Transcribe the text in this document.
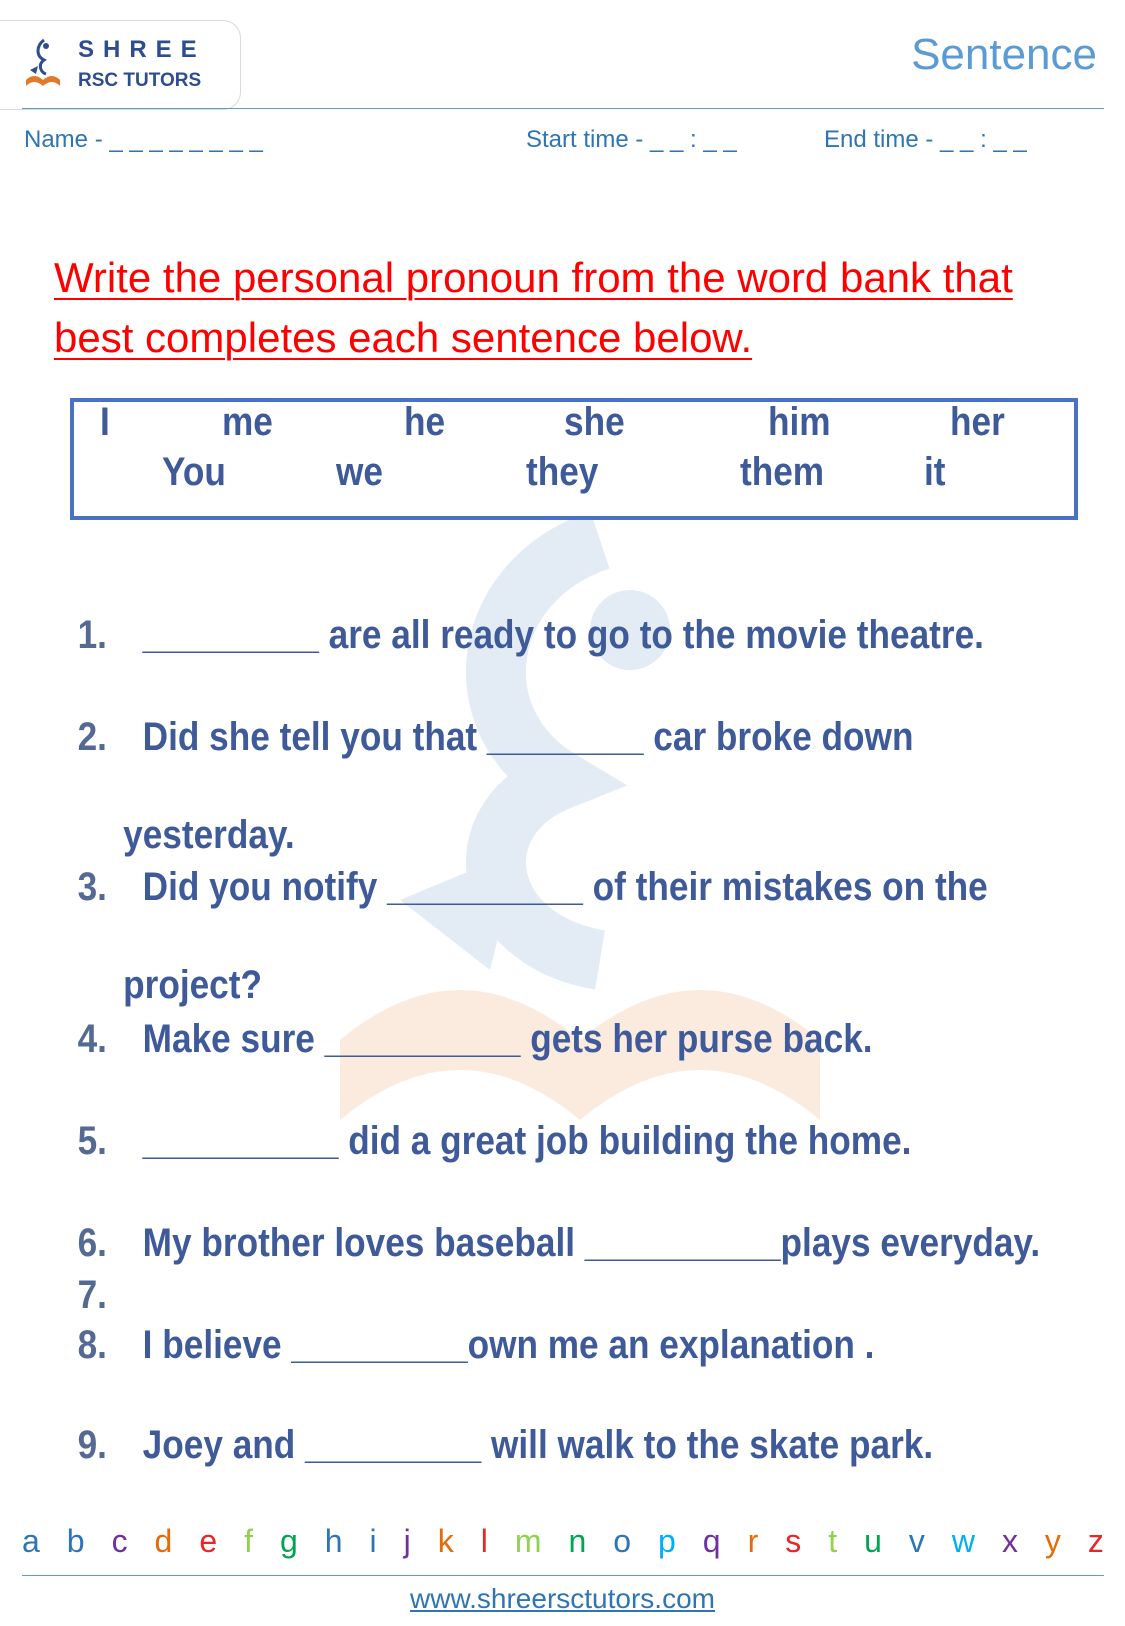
SHREE
RSC TUTORS
Sentence
Name - _ _ _ _ _ _ _ _	Start time - _ _ : _ _	End time - _ _ : _ _
Write the personal pronoun from the word bank that best completes each sentence below.
I	me	he	she	him	her
You	we	they	them it

1. _________ are all ready to go to the movie theatre.

2. Did she tell you that ________ car broke down

yesterday.

3. Did you notify __________ of their mistakes on the

project?

4. Make sure __________ gets her purse back.

5. __________ did a great job building the home.

6. My brother loves baseball __________plays everyday.

7.

8. I believe _________own me an explanation .

9. Joey and _________ will walk to the skate park.

a b c d e f g h i j k l m n o p q r s t u v w x y z
www.shreersctutors.com
